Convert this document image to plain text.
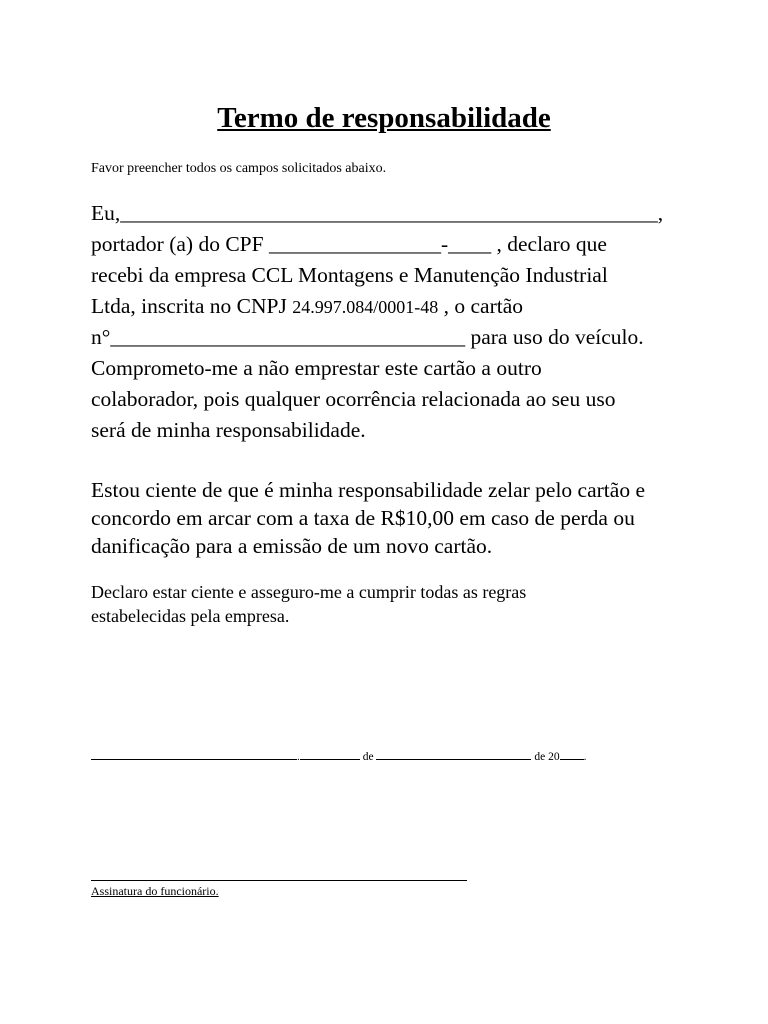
Termo de responsabilidade
Favor preencher todos os campos solicitados abaixo.
Eu,__________________________________________________,
portador (a) do CPF ________________-____ , declaro que
recebi da empresa CCL Montagens e Manutenção Industrial
Ltda, inscrita no CNPJ 24.997.084/0001-48 , o cartão
n°_________________________________ para uso do veículo.
Comprometo-me a não emprestar este cartão a outro
colaborador, pois qualquer ocorrência relacionada ao seu uso
será de minha responsabilidade.
Estou ciente de que é minha responsabilidade zelar pelo cartão e
concordo em arcar com a taxa de R$10,00 em caso de perda ou
danificação para a emissão de um novo cartão.
Declaro estar ciente e asseguro-me a cumprir todas as regras
estabelecidas pela empresa.
.	de	de 20 .
Assinatura do funcionário.
